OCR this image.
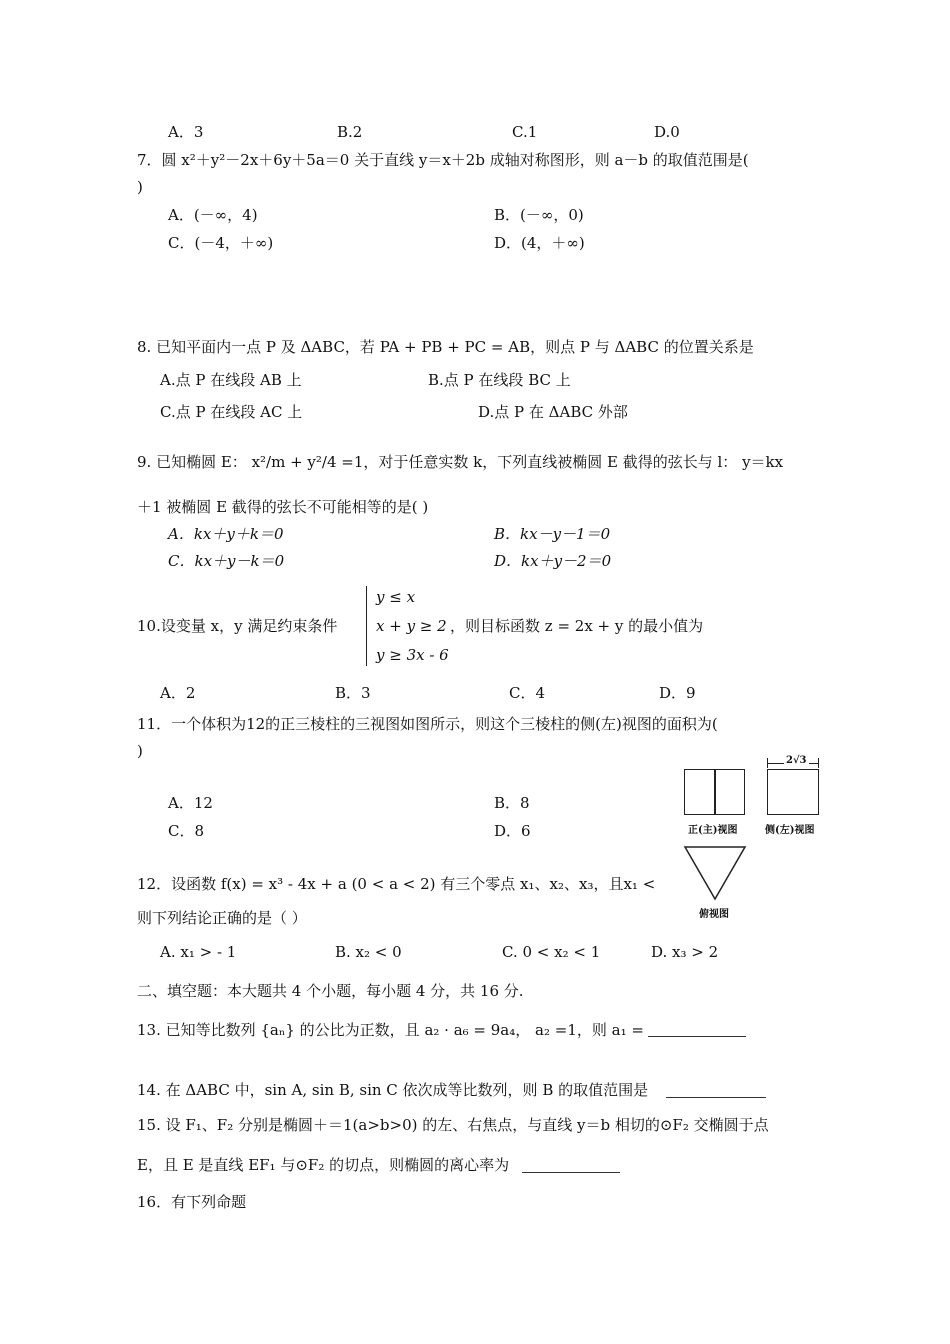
A．3	B.2	C.1	D.0
7．圆 x²＋y²－2x＋6y＋5a＝0 关于直线 y＝x＋2b 成轴对称图形，则 a－b 的取值范围是(
)
A．(－∞，4)	B．(－∞，0)
C．(－4，＋∞)	D．(4，＋∞)
8. 已知平面内一点 P 及 ΔABC，若 PA + PB + PC = AB，则点 P 与 ΔABC 的位置关系是
A.点 P 在线段 AB 上	B.点 P 在线段 BC 上
C.点 P 在线段 AC 上	D.点 P 在 ΔABC 外部
9. 已知椭圆 E： x²/m + y²/4 =1，对于任意实数 k，下列直线被椭圆 E 截得的弦长与 l： y＝kx
＋1 被椭圆 E 截得的弦长不可能相等的是( )
A．kx＋y＋k＝0	B．kx－y－1＝0
C．kx＋y－k＝0	D．kx＋y－2＝0
10.设变量 x，y 满足约束条件
y ≤ x
x + y ≥ 2
y ≥ 3x - 6
，则目标函数 z = 2x + y 的最小值为
A．2	B．3	C．4	D．9
11．一个体积为12的正三棱柱的三视图如图所示，则这个三棱柱的侧(左)视图的面积为(
)
A．12	B．8
C．8	D．6	正(主)视图
2√3
侧(左)视图
俯视图
12．设函数 f(x) = x³ - 4x + a (0 < a < 2) 有三个零点 x₁、x₂、x₃，且x₁ <
则下列结论正确的是（ ）
A. x₁ > - 1	B. x₂ < 0	C. 0 < x₂ < 1	D. x₃ > 2
二、填空题：本大题共 4 个小题，每小题 4 分，共 16 分.
13. 已知等比数列 {aₙ} 的公比为正数，且 a₂ · a₆ = 9a₄， a₂ =1，则 a₁ =
14. 在 ΔABC 中，sin A, sin B, sin C 依次成等比数列，则 B 的取值范围是
15. 设 F₁、F₂ 分别是椭圆＋＝1(a>b>0) 的左、右焦点，与直线 y＝b 相切的⊙F₂ 交椭圆于点
E，且 E 是直线 EF₁ 与⊙F₂ 的切点，则椭圆的离心率为
16．有下列命题
